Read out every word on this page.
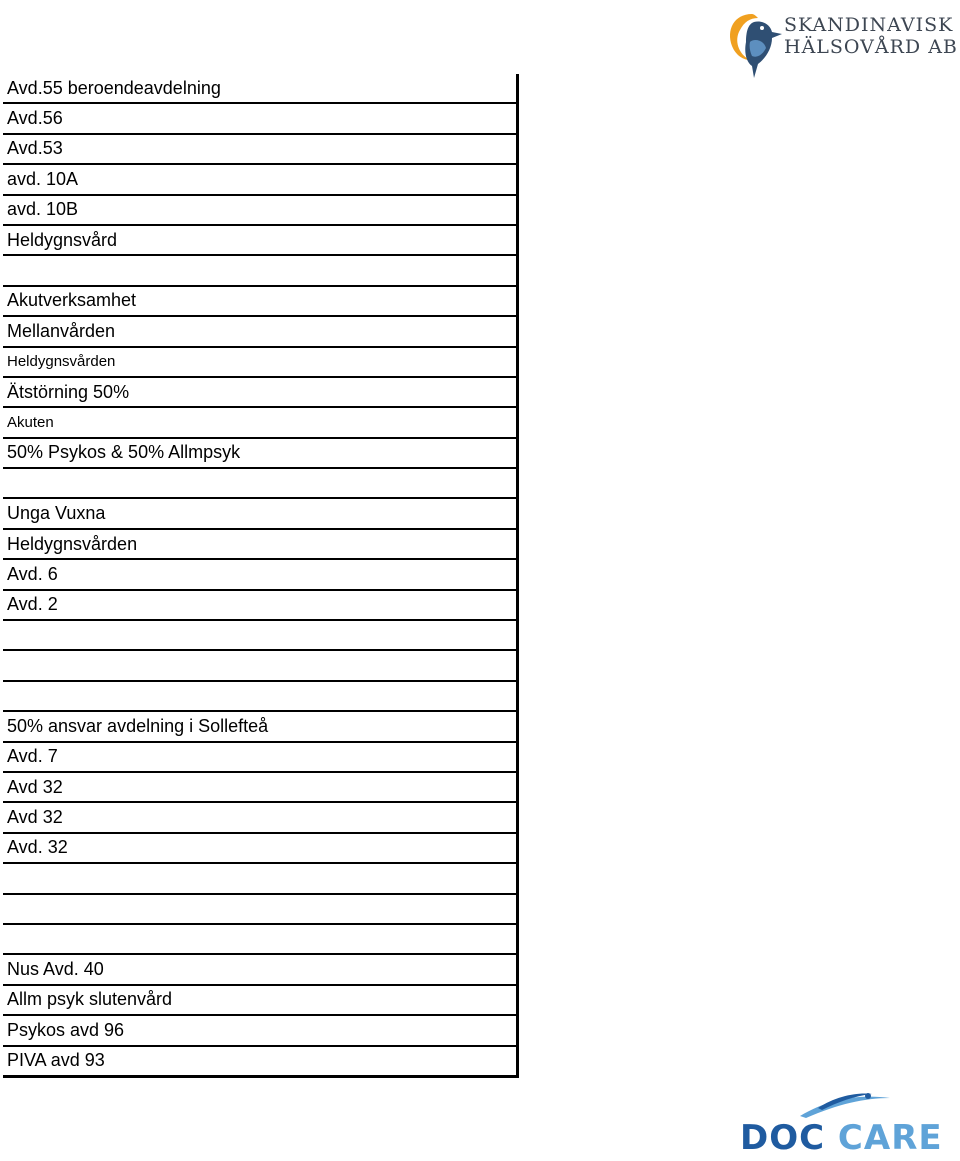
SKANDINAVISK
HÄLSOVÅRD AB
Avd.55 beroendeavdelning
Avd.56
Avd.53
avd. 10A
avd. 10B
Heldygnsvård
Akutverksamhet
Mellanvården
Heldygnsvården
Ätstörning 50%
Akuten
50% Psykos & 50% Allmpsyk
Unga Vuxna
Heldygnsvården
Avd. 6
Avd. 2
50% ansvar avdelning i Sollefteå
Avd. 7
Avd 32
Avd 32
Avd. 32
Nus Avd. 40
Allm psyk slutenvård
Psykos avd 96
PIVA avd 93
DOC CARE
